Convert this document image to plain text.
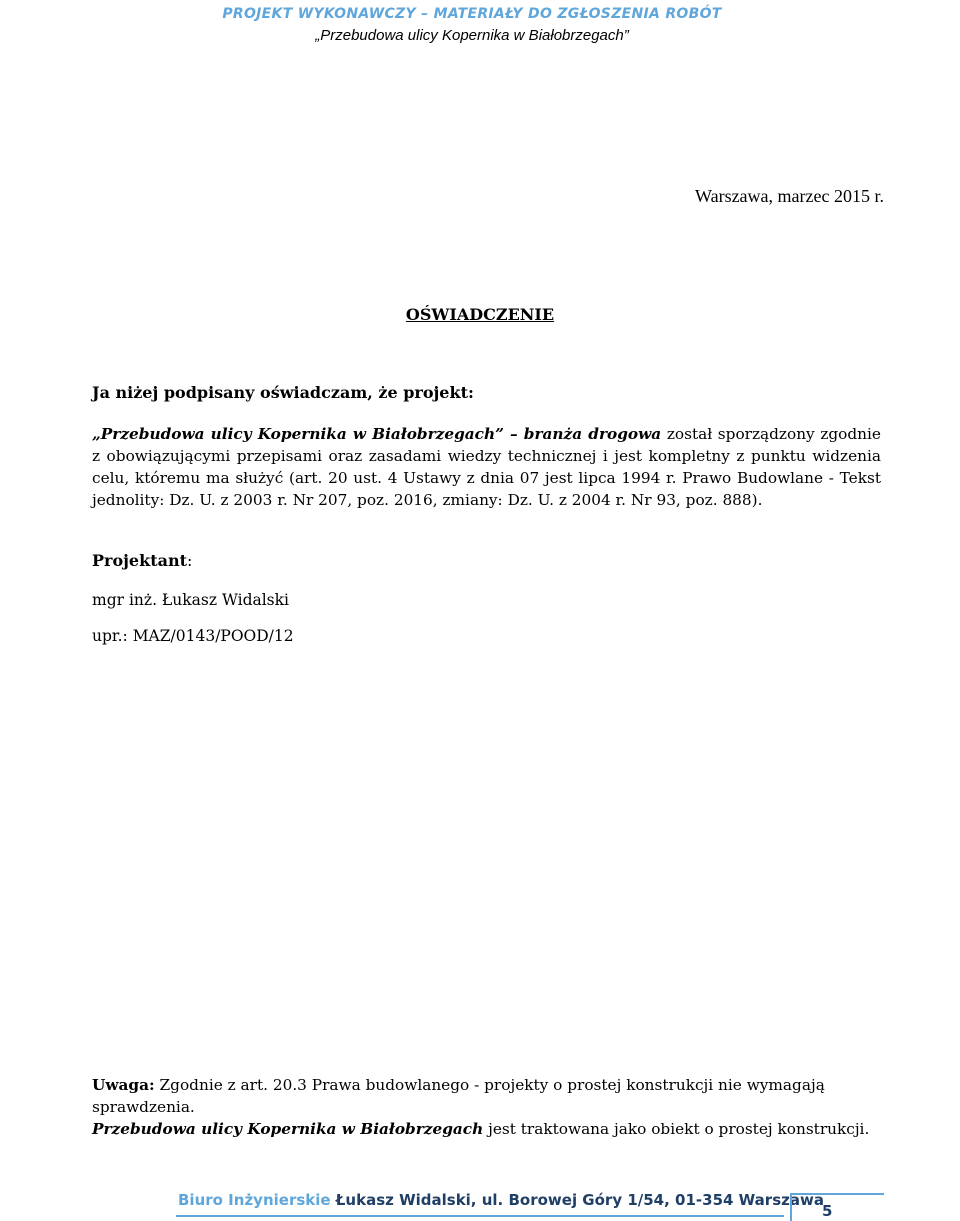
PROJEKT WYKONAWCZY – MATERIAŁY DO ZGŁOSZENIA ROBÓT
„Przebudowa ulicy Kopernika w Białobrzegach”
Warszawa, marzec 2015 r.
OŚWIADCZENIE
Ja niżej podpisany oświadczam, że projekt:
„Przebudowa ulicy Kopernika w Białobrzegach” – branża drogowa został sporządzony zgodnie z obowiązującymi przepisami oraz zasadami wiedzy technicznej i jest kompletny z punktu widzenia celu, któremu ma służyć (art. 20 ust. 4 Ustawy z dnia 07 jest lipca 1994 r. Prawo Budowlane - Tekst jednolity: Dz. U. z 2003 r. Nr 207, poz. 2016, zmiany: Dz. U. z 2004 r. Nr 93, poz. 888).
Projektant:
mgr inż. Łukasz Widalski
upr.: MAZ/0143/POOD/12
Uwaga: Zgodnie z art. 20.3 Prawa budowlanego - projekty o prostej konstrukcji nie wymagają sprawdzenia.
Przebudowa ulicy Kopernika w Białobrzegach jest traktowana jako obiekt o prostej konstrukcji.
Biuro Inżynierskie Łukasz Widalski, ul. Borowej Góry 1/54, 01-354 Warszawa
5
